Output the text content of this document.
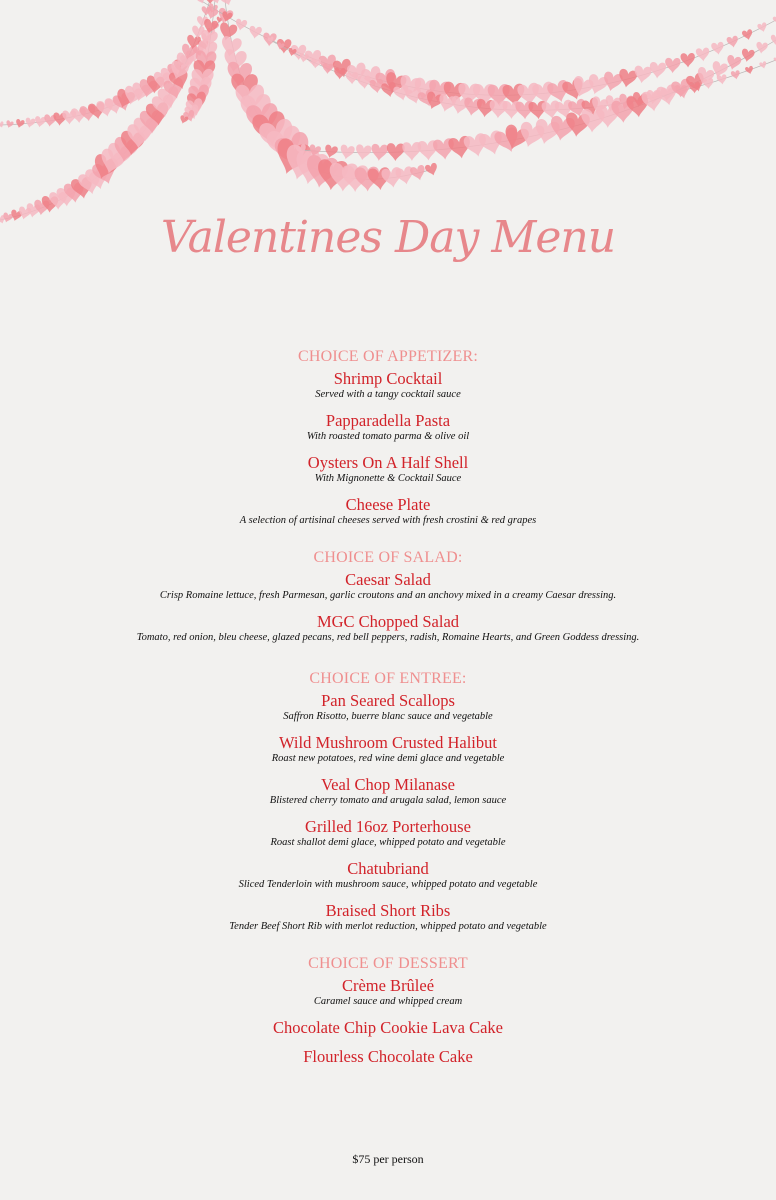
Valentines Day Menu
CHOICE OF APPETIZER:
Shrimp Cocktail
Served with a tangy cocktail sauce
Papparadella Pasta
With roasted tomato parma & olive oil
Oysters On A Half Shell
With Mignonette & Cocktail Sauce
Cheese Plate
A selection of artisinal cheeses served with fresh crostini & red grapes
CHOICE OF SALAD:
Caesar Salad
Crisp Romaine lettuce, fresh Parmesan, garlic croutons and an anchovy mixed in a creamy Caesar dressing.
MGC Chopped Salad
Tomato, red onion, bleu cheese, glazed pecans, red bell peppers, radish, Romaine Hearts, and Green Goddess dressing.
CHOICE OF ENTREE:
Pan Seared Scallops
Saffron Risotto, buerre blanc sauce and vegetable
Wild Mushroom Crusted Halibut
Roast new potatoes, red wine demi glace and vegetable
Veal Chop Milanase
Blistered cherry tomato and arugala salad, lemon sauce
Grilled 16oz Porterhouse
Roast shallot demi glace, whipped potato and vegetable
Chatubriand
Sliced Tenderloin with mushroom sauce, whipped potato and vegetable
Braised Short Ribs
Tender Beef Short Rib with merlot reduction, whipped potato and vegetable
CHOICE OF DESSERT
Crème Brûleé
Caramel sauce and whipped cream
Chocolate Chip Cookie Lava Cake
Flourless Chocolate Cake
$75 per person
